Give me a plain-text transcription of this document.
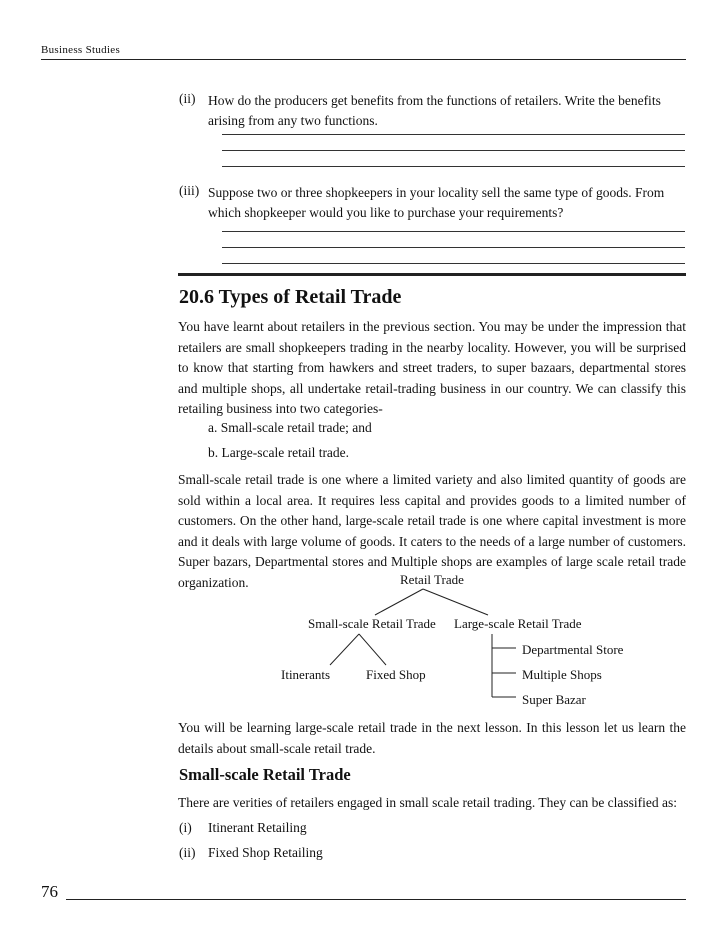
Business Studies
(ii) How do the producers get benefits from the functions of retailers. Write the benefits arising from any two functions.
(iii) Suppose two or three shopkeepers in your locality sell the same type of goods. From which shopkeeper would you like to purchase your requirements?
20.6 Types of Retail Trade
You have learnt about retailers in the previous section. You may be under the impression that retailers are small shopkeepers trading in the nearby locality. However, you will be surprised to know that starting from hawkers and street traders, to super bazaars, departmental stores and multiple shops, all undertake retail-trading business in our country. We can classify this retailing business into two categories-
a. Small-scale retail trade; and
b. Large-scale retail trade.
Small-scale retail trade is one where a limited variety and also limited quantity of goods are sold within a local area. It requires less capital and provides goods to a limited number of customers. On the other hand, large-scale retail trade is one where capital investment is more and it deals with large volume of goods. It caters to the needs of a large number of customers. Super bazars, Departmental stores and Multiple shops are examples of large scale retail trade organization.	Retail Trade
Small-scale Retail Trade Large-scale Retail Trade
Departmental Store
Itinerants	Fixed Shop	Multiple Shops
Super Bazar
You will be learning large-scale retail trade in the next lesson. In this lesson let us learn the details about small-scale retail trade.
Small-scale Retail Trade
There are verities of retailers engaged in small scale retail trading. They can be classified as:
(i) Itinerant Retailing
(ii) Fixed Shop Retailing
76
